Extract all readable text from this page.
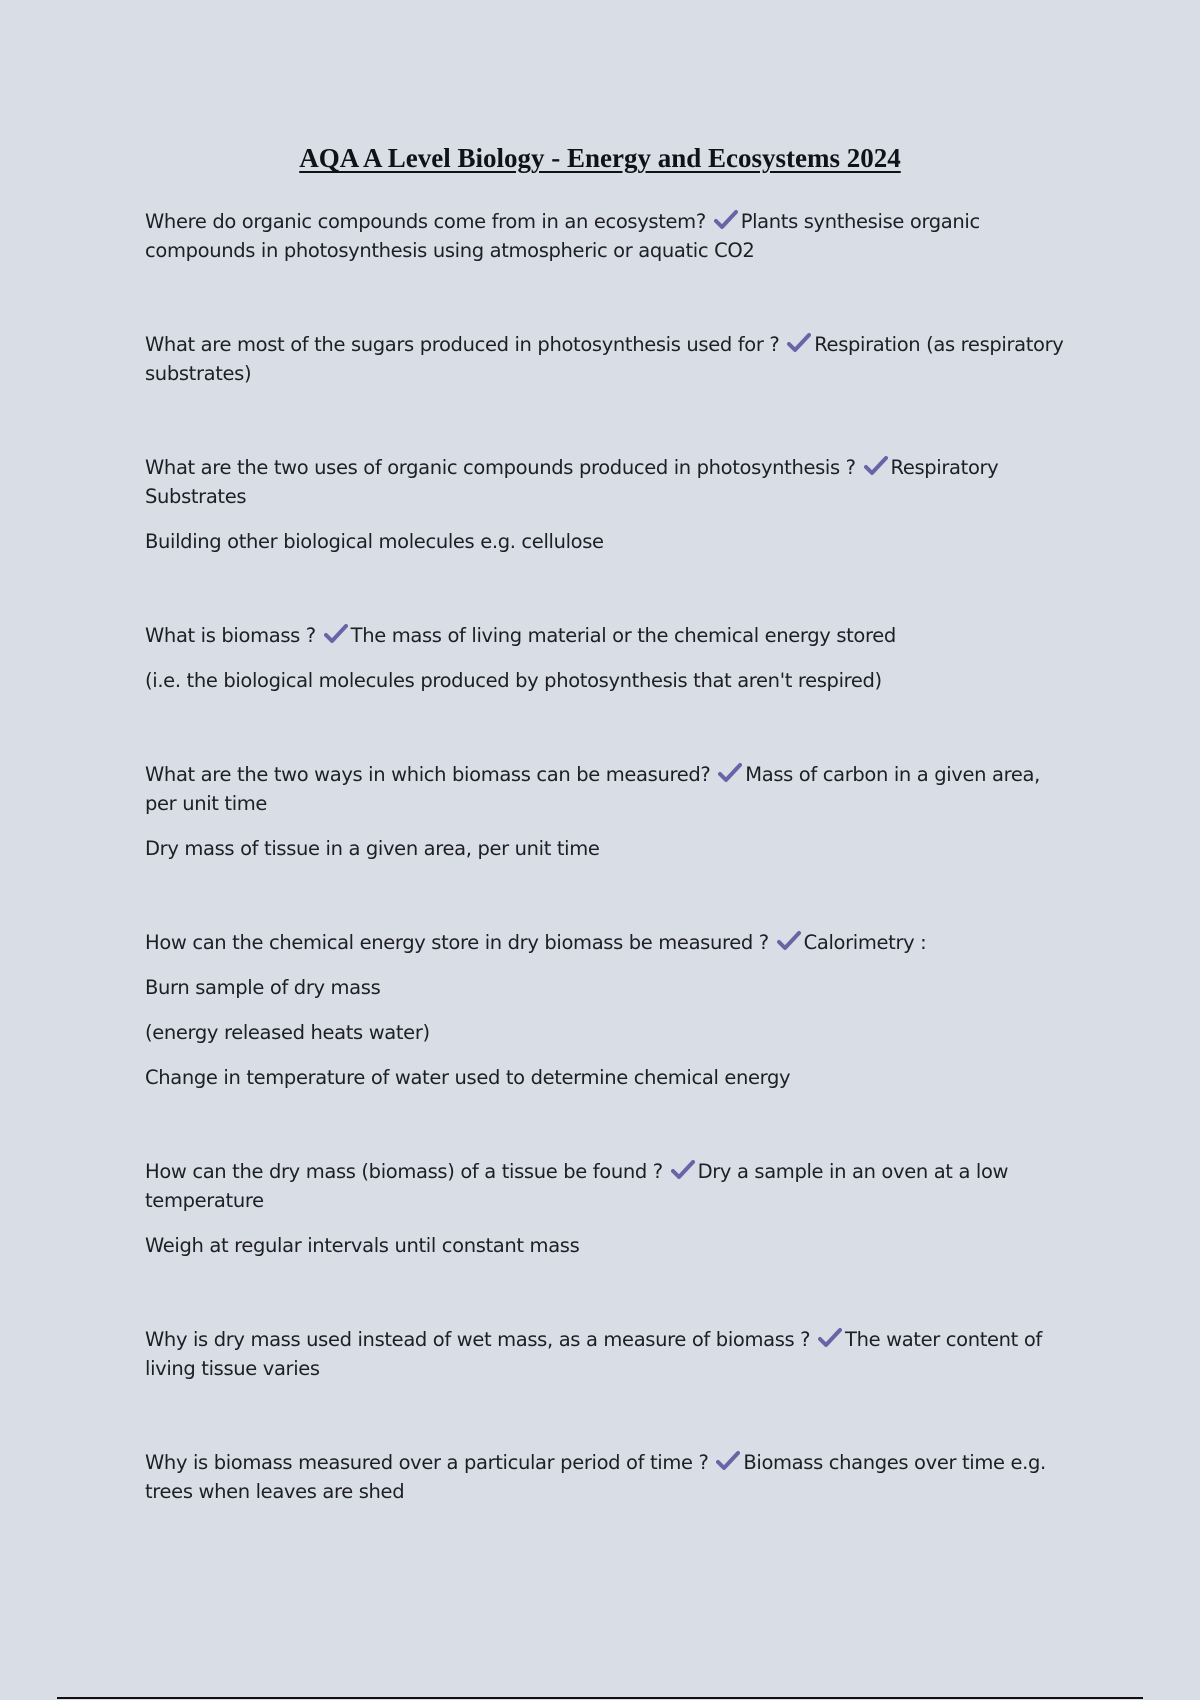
AQA A Level Biology - Energy and Ecosystems 2024

Where do organic compounds come from in an ecosystem? Plants synthesise organic compounds in photosynthesis using atmospheric or aquatic CO2

What are most of the sugars produced in photosynthesis used for ? Respiration (as respiratory substrates)

What are the two uses of organic compounds produced in photosynthesis ? Respiratory Substrates

Building other biological molecules e.g. cellulose

What is biomass ? The mass of living material or the chemical energy stored

(i.e. the biological molecules produced by photosynthesis that aren't respired)

What are the two ways in which biomass can be measured? Mass of carbon in a given area, per unit time

Dry mass of tissue in a given area, per unit time

How can the chemical energy store in dry biomass be measured ? Calorimetry :

Burn sample of dry mass

(energy released heats water)

Change in temperature of water used to determine chemical energy

How can the dry mass (biomass) of a tissue be found ? Dry a sample in an oven at a low temperature

Weigh at regular intervals until constant mass

Why is dry mass used instead of wet mass, as a measure of biomass ? The water content of living tissue varies

Why is biomass measured over a particular period of time ? Biomass changes over time e.g. trees when leaves are shed
